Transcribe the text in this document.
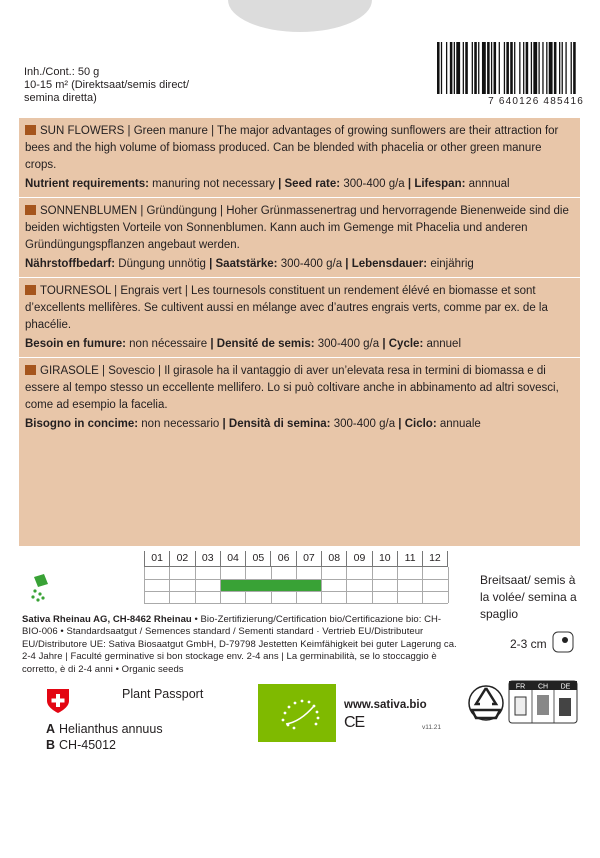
Inh./Cont.: 50 g
10-15 m² (Direktsaat/semis direct/
semina diretta)	7 640126 485416
SUN FLOWERS | Green manure | The major advantages of growing sunflowers are their attraction for bees and the high volume of biomass produced. Can be blended with phacelia or other green manure crops.
Nutrient requirements: manuring not necessary | Seed rate: 300-400 g/a | Lifespan: annnual
SONNENBLUMEN | Gründüngung | Hoher Grünmassenertrag und hervorragende Bienenweide sind die beiden wichtigsten Vorteile von Sonnenblumen. Kann auch im Gemenge mit Phacelia und anderen Gründüngungspflanzen angebaut werden.
Nährstoffbedarf: Düngung unnötig | Saatstärke: 300-400 g/a | Lebensdauer: einjährig
TOURNESOL | Engrais vert | Les tournesols constituent un rendement élévé en biomasse et sont d’excellents mellifères. Se cultivent aussi en mélange avec d’autres engrais verts, comme par ex. de la phacélie.
Besoin en fumure: non nécessaire | Densité de semis: 300-400 g/a | Cycle: annuel
GIRASOLE | Sovescio | Il girasole ha il vantaggio di aver un’elevata resa in termini di biomassa e di essere al tempo stesso un eccellente mellifero. Lo si può coltivare anche in abbinamento ad altri sovesci, come ad esempio la facelia.
Bisogno in concime: non necessario | Densità di semina: 300-400 g/a | Ciclo: annuale
01	02	03	04	05	06	07	08	09	10	11	12
Breitsaat/ semis à
la volée/ semina a
spaglio
2-3 cm
Sativa Rheinau AG, CH-8462 Rheinau • Bio-Zertifizierung/Certification bio/Certificazione bio: CH-BIO-006 • Standardsaatgut / Semences standard / Sementi standard · Vertrieb EU/Distributeur EU/Distributore UE: Sativa Biosaatgut GmbH, D-79798 Jestetten Keimfähigkeit bei guter Lagerung ca. 2-4 Jahre | Faculté germinative si bon stockage env. 2-4 ans | La germinabilità, se lo stoccaggio è corretto, è di 2-4 anni • Organic seeds
Plant Passport
A Helianthus annuus
B CH-45012
www.sativa.bio
CE	v11.21
FR CH DE
